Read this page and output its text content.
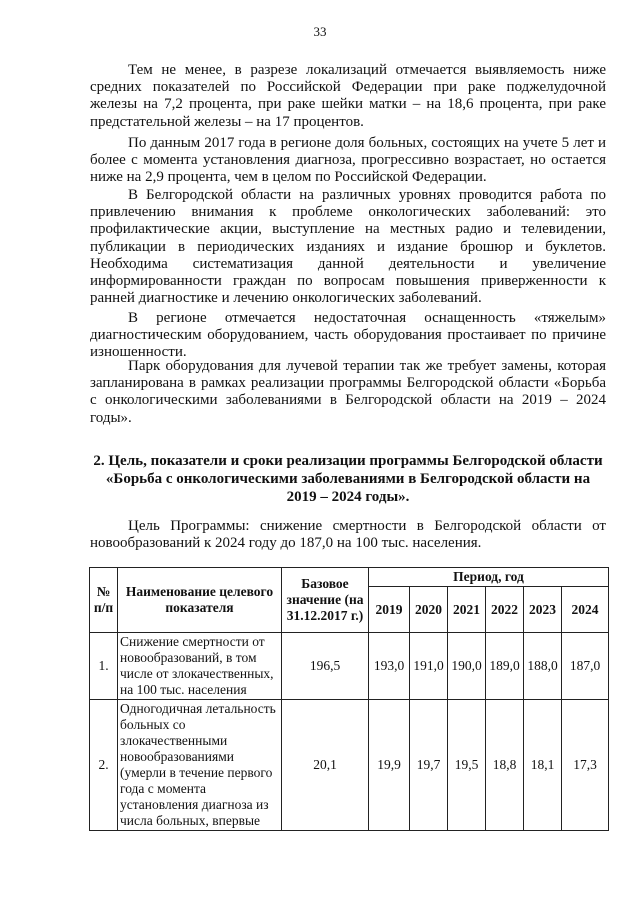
33

Тем не менее, в разрезе локализаций отмечается выявляемость ниже средних показателей по Российской Федерации при раке поджелудочной железы на 7,2 процента, при раке шейки матки – на 18,6 процента, при раке предстательной железы – на 17 процентов.

По данным 2017 года в регионе доля больных, состоящих на учете 5 лет и более с момента установления диагноза, прогрессивно возрастает, но остается ниже на 2,9 процента, чем в целом по Российской Федерации.

В Белгородской области на различных уровнях проводится работа по привлечению внимания к проблеме онкологических заболеваний: это профилактические акции, выступление на местных радио и телевидении, публикации в периодических изданиях и издание брошюр и буклетов. Необходима систематизация данной деятельности и увеличение информированности граждан по вопросам повышения приверженности к ранней диагностике и лечению онкологических заболеваний.

В регионе отмечается недостаточная оснащенность «тяжелым» диагностическим оборудованием, часть оборудования простаивает по причине изношенности.

Парк оборудования для лучевой терапии так же требует замены, которая запланирована в рамках реализации программы Белгородской области «Борьба с онкологическими заболеваниями в Белгородской области на 2019 – 2024 годы».

2. Цель, показатели и сроки реализации программы Белгородской области «Борьба с онкологическими заболеваниями в Белгородской области на 2019 – 2024 годы».

Цель Программы: снижение смертности в Белгородской области от новообразований к 2024 году до 187,0 на 100 тыс. населения.

№ п/п	Наименование целевого показателя	Базовое значение (на 31.12.2017 г.)	Период, год					
			2019	2020	2021	2022	2023	2024
1.	Снижение смертности от новообразований, в том числе от злокачественных, на 100 тыс. населения	196,5	193,0	191,0	190,0	189,0	188,0	187,0
2.	Одногодичная летальность больных со злокачественными новообразованиями (умерли в течение первого года с момента установления диагноза из числа больных, впервые	20,1	19,9	19,7	19,5	18,8	18,1	17,3
